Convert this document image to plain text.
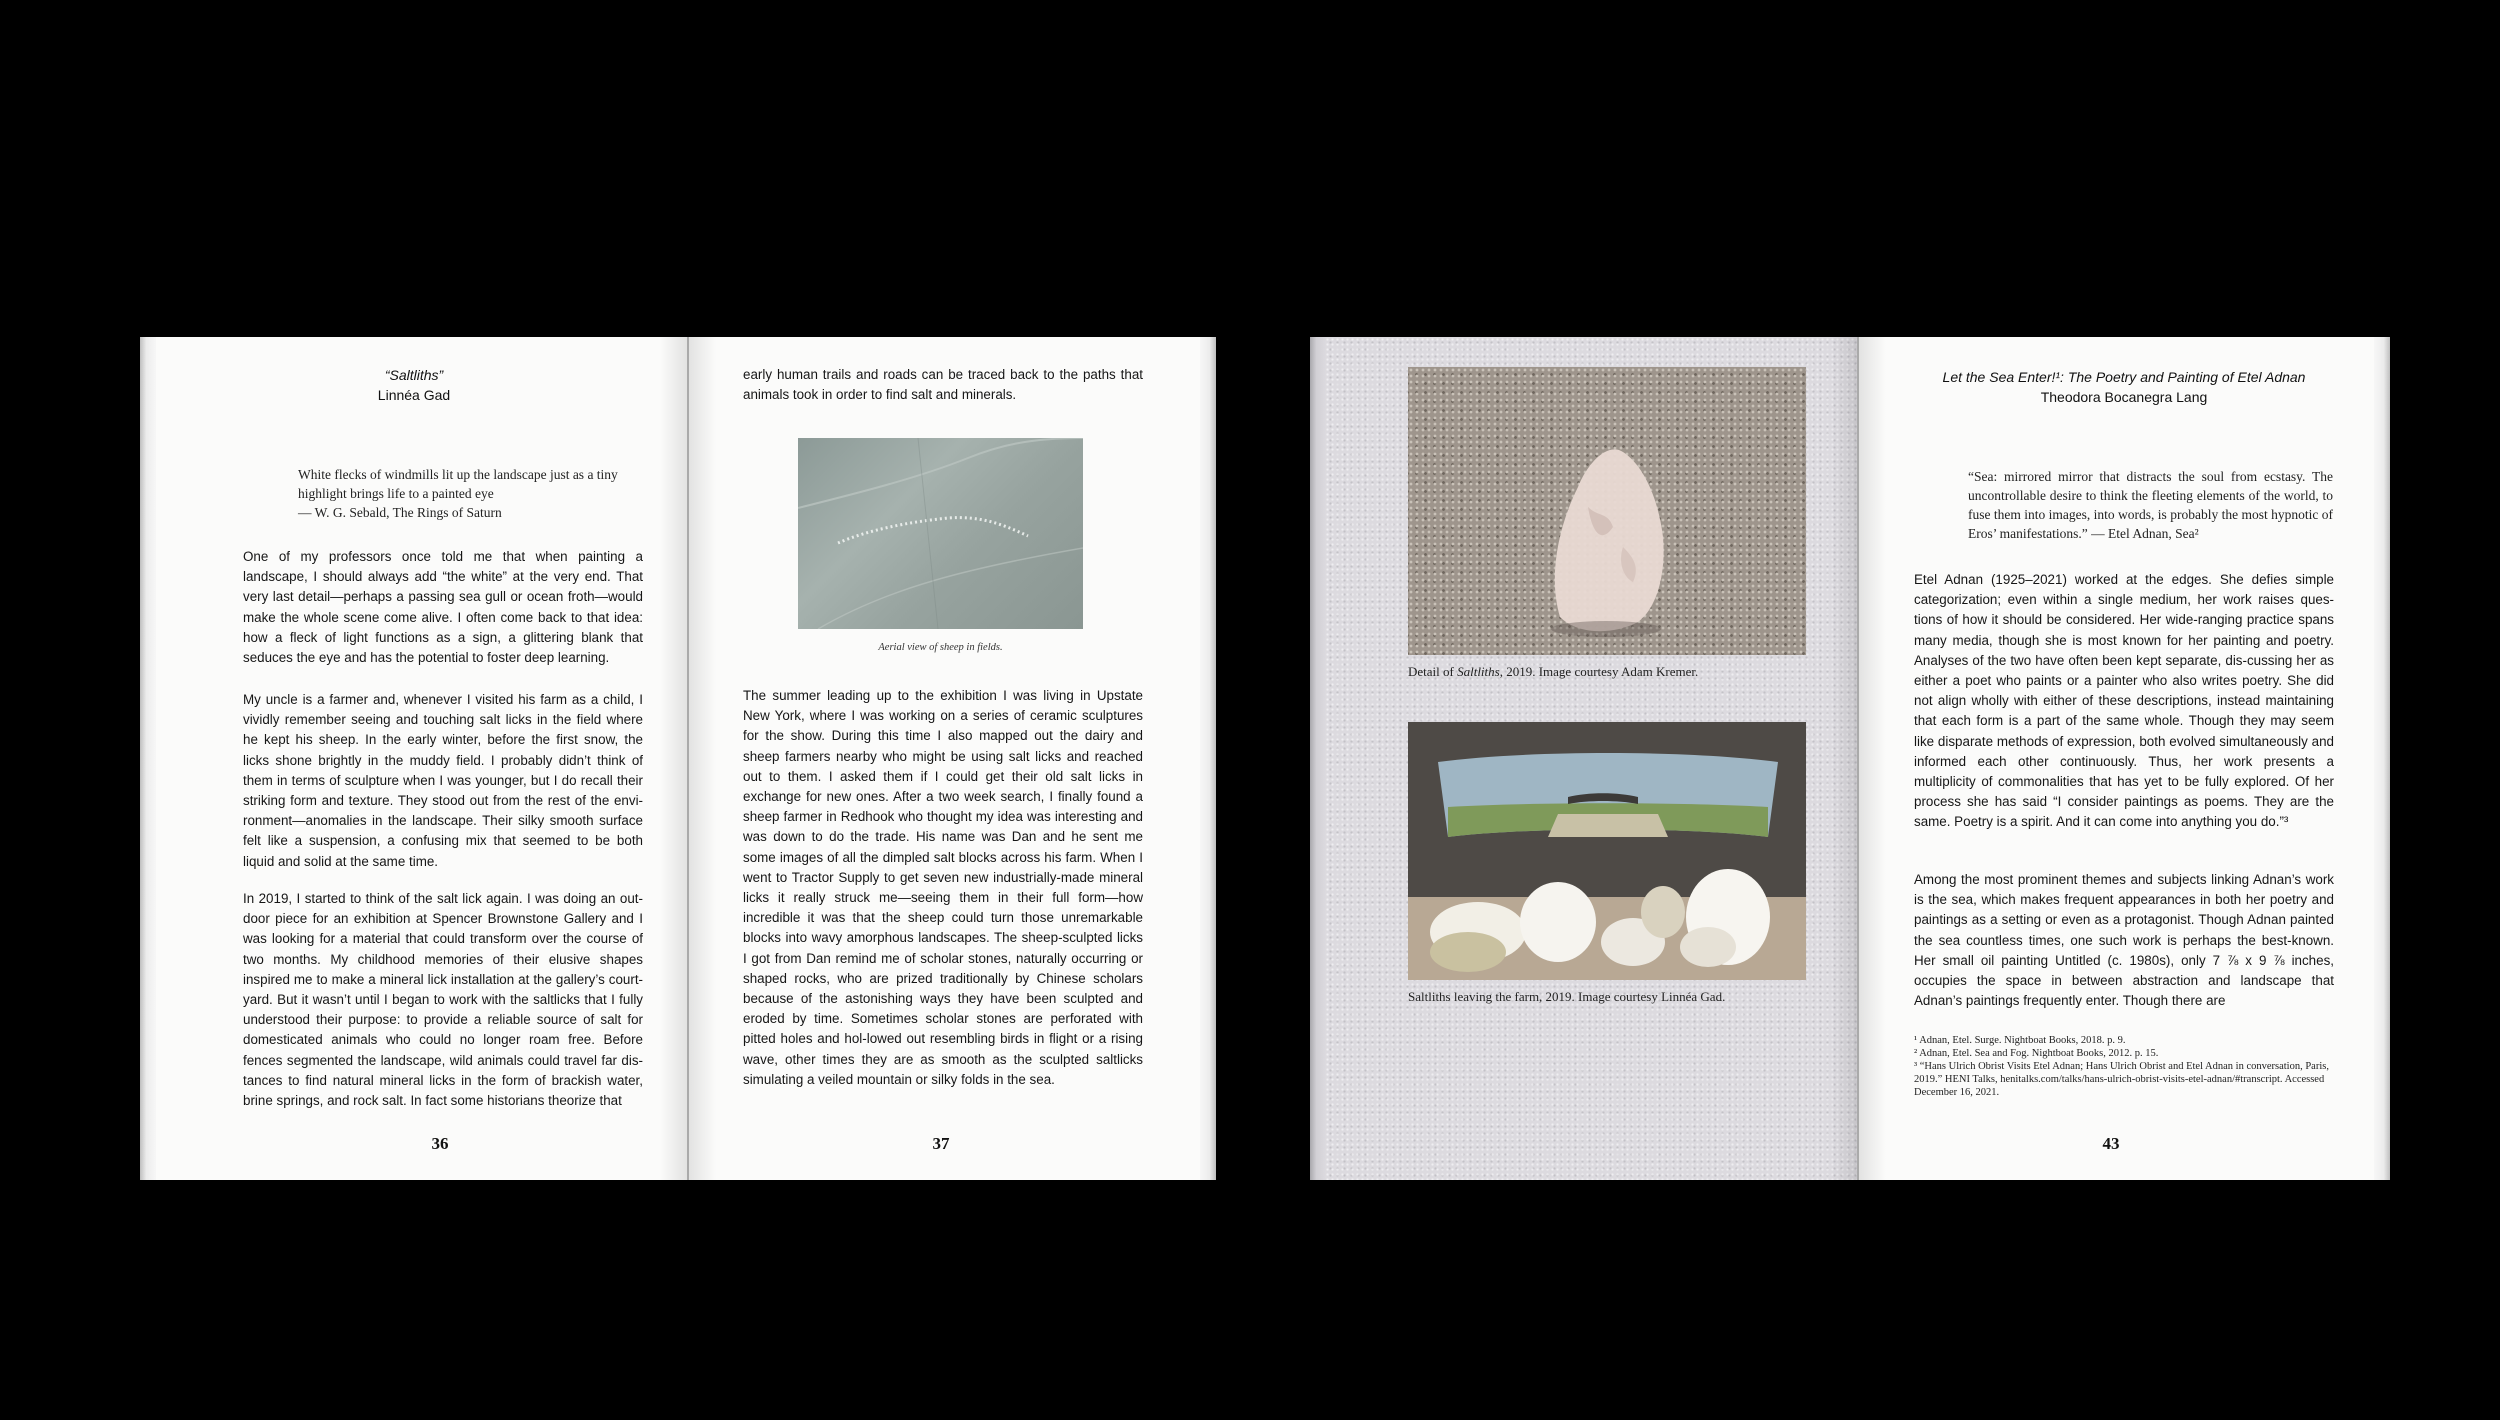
“Saltliths”
Linnéa Gad

White flecks of windmills lit up the landscape just as a tiny

highlight brings life to a painted eye

— W. G. Sebald, The Rings of Saturn

One of my professors once told me that when painting a landscape, I should always add “the white” at the very end. That very last detail—perhaps a passing sea gull or ocean froth—would make the whole scene come alive. I often come back to that idea: how a fleck of light functions as a sign, a glittering blank that seduces the eye and has the potential to foster deep learning.

My uncle is a farmer and, whenever I visited his farm as a child, I vividly remember seeing and touching salt licks in the field where he kept his sheep. In the early winter, before the first snow, the licks shone brightly in the muddy field. I probably didn’t think of them in terms of sculpture when I was younger, but I do recall their striking form and texture. They stood out from the rest of the envi-ronment—anomalies in the landscape. Their silky smooth surface felt like a suspension, a confusing mix that seemed to be both liquid and solid at the same time.

In 2019, I started to think of the salt lick again. I was doing an out-door piece for an exhibition at Spencer Brownstone Gallery and I was looking for a material that could transform over the course of two months. My childhood memories of their elusive shapes inspired me to make a mineral lick installation at the gallery’s court-yard. But it wasn’t until I began to work with the saltlicks that I fully understood their purpose: to provide a reliable source of salt for domesticated animals who could no longer roam free. Before fences segmented the landscape, wild animals could travel far dis-tances to find natural mineral licks in the form of brackish water, brine springs, and rock salt. In fact some historians theorize that

36

early human trails and roads can be traced back to the paths that animals took in order to find salt and minerals.

Aerial view of sheep in fields.

The summer leading up to the exhibition I was living in Upstate New York, where I was working on a series of ceramic sculptures for the show. During this time I also mapped out the dairy and sheep farmers nearby who might be using salt licks and reached out to them. I asked them if I could get their old salt licks in exchange for new ones. After a two week search, I finally found a sheep farmer in Redhook who thought my idea was interesting and was down to do the trade. His name was Dan and he sent me some images of all the dimpled salt blocks across his farm. When I went to Tractor Supply to get seven new industrially-made mineral licks it really struck me—seeing them in their full form—how incredible it was that the sheep could turn those unremarkable blocks into wavy amorphous landscapes. The sheep-sculpted licks I got from Dan remind me of scholar stones, naturally occurring or shaped rocks, who are prized traditionally by Chinese scholars because of the astonishing ways they have been sculpted and eroded by time. Sometimes scholar stones are perforated with pitted holes and hol-lowed out resembling birds in flight or a rising wave, other times they are as smooth as the sculpted saltlicks simulating a veiled mountain or silky folds in the sea.

37
Detail of Saltliths, 2019. Image courtesy Adam Kremer.
Saltliths leaving the farm, 2019. Image courtesy Linnéa Gad.
Let the Sea Enter!¹: The Poetry and Painting of Etel Adnan
Theodora Bocanegra Lang

“Sea: mirrored mirror that distracts the soul from ecstasy. The uncontrollable desire to think the fleeting elements of the world, to fuse them into images, into words, is probably the most hypnotic of Eros’ manifestations.” — Etel Adnan, Sea²

Etel Adnan (1925–2021) worked at the edges. She defies simple categorization; even within a single medium, her work raises ques-tions of how it should be considered. Her wide-ranging practice spans many media, though she is most known for her painting and poetry. Analyses of the two have often been kept separate, dis-cussing her as either a poet who paints or a painter who also writes poetry. She did not align wholly with either of these descriptions, instead maintaining that each form is a part of the same whole. Though they may seem like disparate methods of expression, both evolved simultaneously and informed each other continuously. Thus, her work presents a multiplicity of commonalities that has yet to be fully explored. Of her process she has said “I consider paintings as poems. They are the same. Poetry is a spirit. And it can come into anything you do.”³

Among the most prominent themes and subjects linking Adnan’s work is the sea, which makes frequent appearances in both her poetry and paintings as a setting or even as a protagonist. Though Adnan painted the sea countless times, one such work is perhaps the best-known. Her small oil painting Untitled (c. 1980s), only 7 ⅞ x 9 ⅞ inches, occupies the space in between abstraction and landscape that Adnan’s paintings frequently enter. Though there are

¹ Adnan, Etel. Surge. Nightboat Books, 2018. p. 9.
² Adnan, Etel. Sea and Fog. Nightboat Books, 2012. p. 15.
³ “Hans Ulrich Obrist Visits Etel Adnan; Hans Ulrich Obrist and Etel Adnan in conversation, Paris, 2019.” HENI Talks, henitalks.com/talks/hans-ulrich-obrist-visits-etel-adnan/#transcript. Accessed December 16, 2021.
43
